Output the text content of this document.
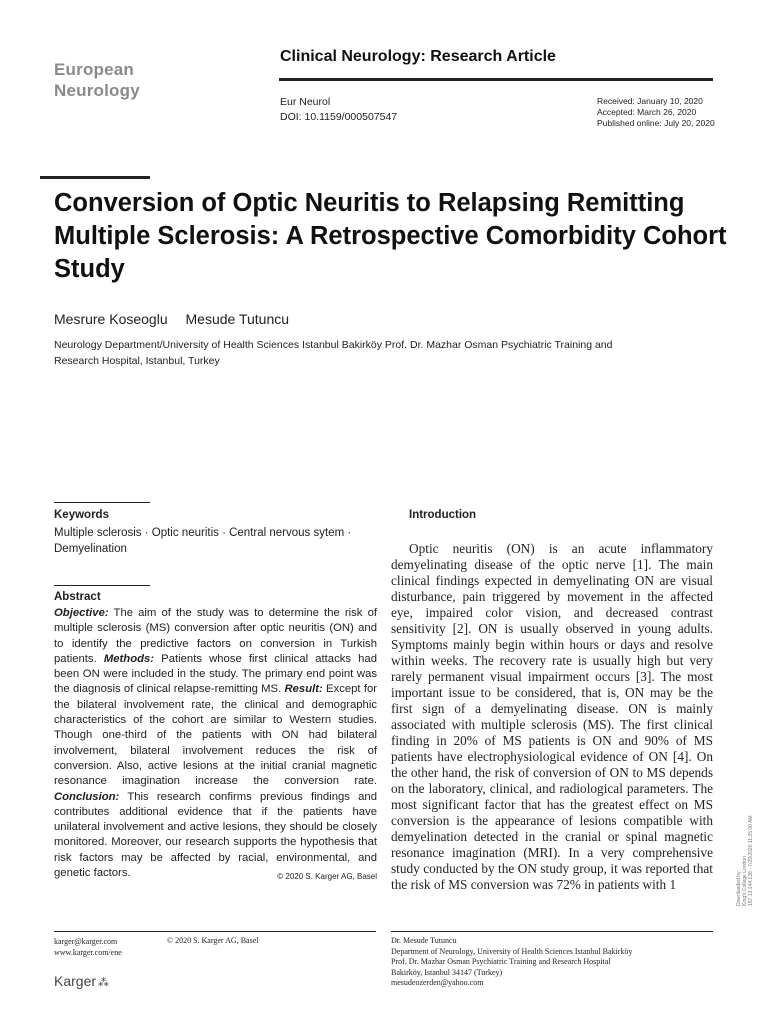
European
Neurology
Clinical Neurology: Research Article
Eur Neurol
DOI: 10.1159/000507547
Received: January 10, 2020
Accepted: March 26, 2020
Published online: July 20, 2020
Conversion of Optic Neuritis to Relapsing Remitting Multiple Sclerosis: A Retrospective Comorbidity Cohort Study
Mesrure Koseoglu Mesude Tutuncu
Neurology Department/University of Health Sciences Istanbul Bakirköy Prof. Dr. Mazhar Osman Psychiatric Training and Research Hospital, Istanbul, Turkey
Keywords
Multiple sclerosis · Optic neuritis · Central nervous sytem · Demyelination
Abstract
Objective: The aim of the study was to determine the risk of multiple sclerosis (MS) conversion after optic neuritis (ON) and to identify the predictive factors on conversion in Turkish patients. Methods: Patients whose first clinical attacks had been ON were included in the study. The primary end point was the diagnosis of clinical relapse-remitting MS. Result: Except for the bilateral involvement rate, the clinical and demographic characteristics of the cohort are similar to Western studies. Though one-third of the patients with ON had bilateral involvement, bilateral involvement reduces the risk of conversion. Also, active lesions at the initial cranial magnetic resonance imagination increase the conversion rate. Conclusion: This research confirms previous findings and contributes additional evidence that if the patients have unilateral involvement and active lesions, they should be closely monitored. Moreover, our research supports the hypothesis that risk factors may be affected by racial, environmental, and genetic factors.	© 2020 S. Karger AG, Basel
Introduction
Optic neuritis (ON) is an acute inflammatory demyelinating disease of the optic nerve [1]. The main clinical findings expected in demyelinating ON are visual disturbance, pain triggered by movement in the affected eye, impaired color vision, and decreased contrast sensitivity [2]. ON is usually observed in young adults. Symptoms mainly begin within hours or days and resolve within weeks. The recovery rate is usually high but very rarely permanent visual impairment occurs [3]. The most important issue to be considered, that is, ON may be the first sign of a demyelinating disease. ON is mainly associated with multiple sclerosis (MS). The first clinical finding in 20% of MS patients is ON and 90% of MS patients have electrophysiological evidence of ON [4]. On the other hand, the risk of conversion of ON to MS depends on the laboratory, clinical, and radiological parameters. The most significant factor that has the greatest effect on MS conversion is the appearance of lesions compatible with demyelination detected in the cranial or spinal magnetic resonance imagination (MRI). In a very comprehensive study conducted by the ON study group, it was reported that the risk of MS conversion was 72% in patients with 1
karger@karger.com
www.karger.com/ene
© 2020 S. Karger AG, Basel
Karger ⁂
Dr. Mesude Tutuncu
Department of Neurology, University of Health Sciences Istanbul Bakirköy
Prof. Dr. Mazhar Osman Psychiatric Training and Research Hospital
Bakirköy, Istanbul 34147 (Turkey)
mesudeozerden@yahoo.com
Downloaded by:
King's College London
157.13.144.138 - 7/29/2020 11:25:00 AM
